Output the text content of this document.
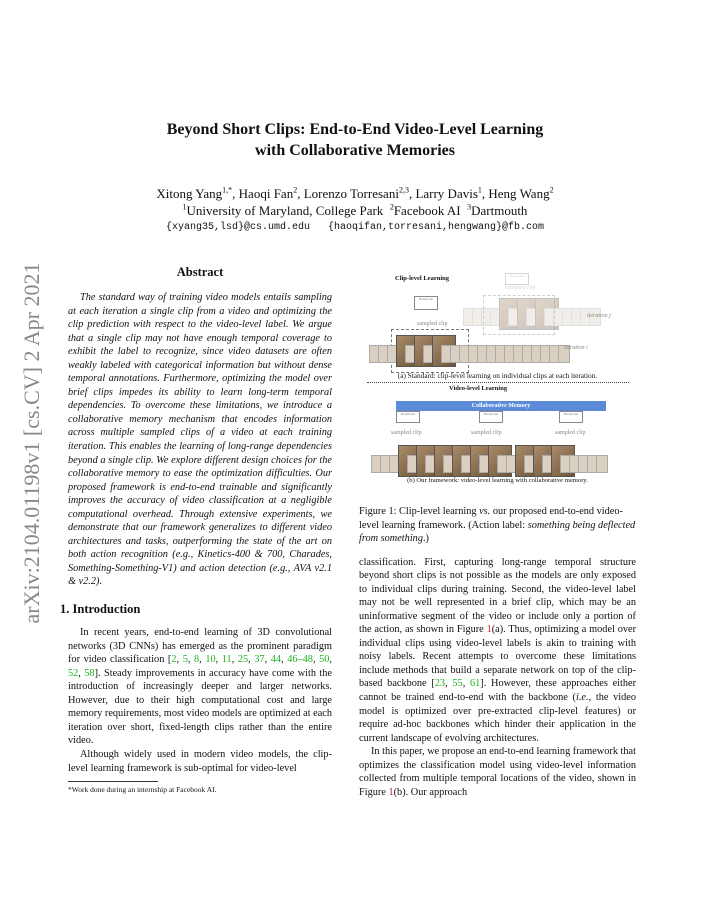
arXiv:2104.01198v1 [cs.CV] 2 Apr 2021
Beyond Short Clips: End-to-End Video-Level Learning
with Collaborative Memories
Xitong Yang$^{1,*}$, Haoqi Fan$^2$, Lorenzo Torresani$^{2,3}$, Larry Davis$^1$, Heng Wang$^2$
$^1$University of Maryland, College Park $^2$Facebook AI $^3$Dartmouth
{xyang35,lsd}@cs.umd.edu {haoqifan,torresani,hengwang}@fb.com
Abstract

The standard way of training video models entails sampling at each iteration a single clip from a video and optimizing the clip prediction with respect to the video-level label. We argue that a single clip may not have enough temporal coverage to exhibit the label to recognize, since video datasets are often weakly labeled with categorical information but without dense temporal annotations. Furthermore, optimizing the model over brief clips impedes its ability to learn long-term temporal dependencies. To overcome these limitations, we introduce a collaborative memory mechanism that encodes information across multiple sampled clips of a video at each training iteration. This enables the learning of long-range dependencies beyond a single clip. We explore different design choices for the collaborative memory to ease the optimization difficulties. Our proposed framework is end-to-end trainable and significantly improves the accuracy of video classification at a negligible computational overhead. Through extensive experiments, we demonstrate that our framework generalizes to different video architectures and tasks, outperforming the state of the art on both action recognition (e.g., Kinetics-400 & 700, Charades, Something-Something-V1) and action detection (e.g., AVA v2.1 & v2.2).

1. Introduction

In recent years, end-to-end learning of 3D convolutional networks (3D CNNs) has emerged as the prominent paradigm for video classification [2, 5, 8, 10, 11, 25, 37, 44, 46–48, 50, 52, 58]. Steady improvements in accuracy have come with the introduction of increasingly deeper and larger networks. However, due to their high computational cost and large memory requirements, most video models are optimized at each iteration over short, fixed-length clips rather than the entire video.

Although widely used in modern video models, the clip-level learning framework is sub-optimal for video-level

*Work done during an internship at Facebook AI.
Clip-level Learning
Backbone
Backbone
sampled clip
sampled clip
iteration j
iteration i
(a) Standard: clip-level learning on individual clips at each iteration.
Video-level Learning
Collaborative Memory
Backbone	Backbone	Backbone
sampled clip	sampled clip	sampled clip
(b) Our framework: video-level learning with collaborative memory.

Figure 1: Clip-level learning vs. our proposed end-to-end video-level learning framework. (Action label: something being deflected from something.)

classification. First, capturing long-range temporal structure beyond short clips is not possible as the models are only exposed to individual clips during training. Second, the video-level label may not be well represented in a brief clip, which may be an uninformative segment of the video or include only a portion of the action, as shown in Figure 1(a). Thus, optimizing a model over individual clips using video-level labels is akin to training with noisy labels. Recent attempts to overcome these limitations include methods that build a separate network on top of the clip-based backbone [23, 55, 61]. However, these approaches either cannot be trained end-to-end with the backbone (i.e., the video model is optimized over pre-extracted clip-level features) or require ad-hoc backbones which hinder their application in the current landscape of evolving architectures.

In this paper, we propose an end-to-end learning framework that optimizes the classification model using video-level information collected from multiple temporal locations of the video, shown in Figure 1(b). Our approach
